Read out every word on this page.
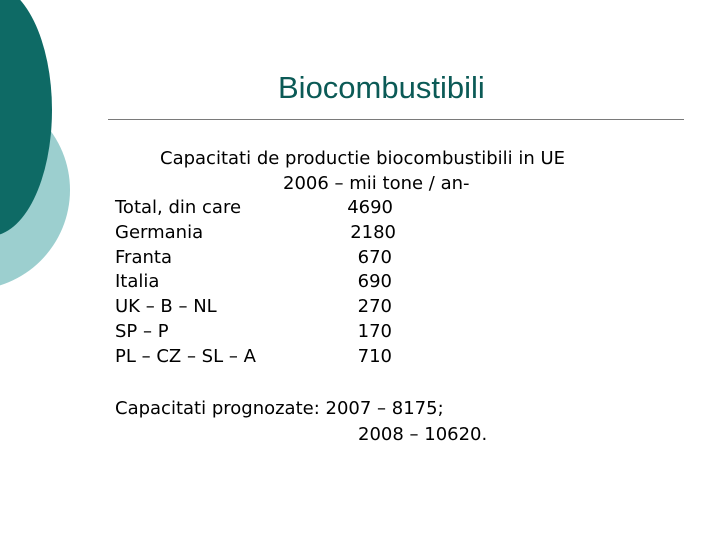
Biocombustibili
Capacitati de productie biocombustibili in UE
2006 – mii tone / an-
Total, din care	4690
Germania	2180
Franta	670
Italia	690
UK – B – NL	270
SP – P	170
PL – CZ – SL – A	710
Capacitati prognozate: 2007 – 8175;
2008 – 10620.
